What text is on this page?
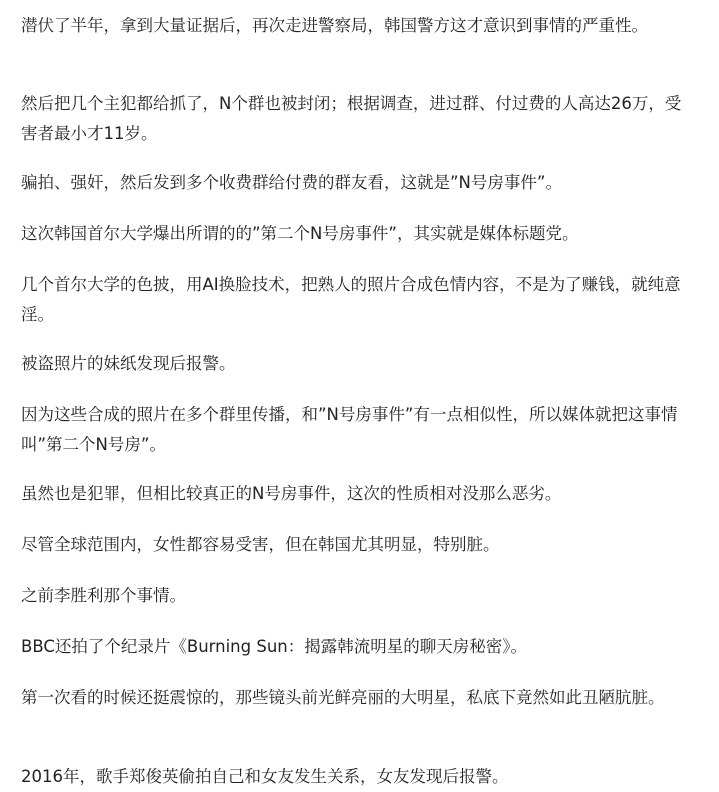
潜伏了半年，拿到大量证据后，再次走进警察局，韩国警方这才意识到事情的严重性。

然后把几个主犯都给抓了，N个群也被封闭；根据调查，进过群、付过费的人高达26万，受害者最小才11岁。

骗拍、强奸，然后发到多个收费群给付费的群友看，这就是”N号房事件”。

这次韩国首尔大学爆出所谓的的”第二个N号房事件”，其实就是媒体标题党。

几个首尔大学的色披，用AI换脸技术，把熟人的照片合成色情内容，不是为了赚钱，就纯意淫。

被盗照片的妹纸发现后报警。

因为这些合成的照片在多个群里传播，和”N号房事件”有一点相似性，所以媒体就把这事情叫”第二个N号房”。

虽然也是犯罪，但相比较真正的N号房事件，这次的性质相对没那么恶劣。

尽管全球范围内，女性都容易受害，但在韩国尤其明显，特别脏。

之前李胜利那个事情。

BBC还拍了个纪录片《Burning Sun：揭露韩流明星的聊天房秘密》。

第一次看的时候还挺震惊的，那些镜头前光鲜亮丽的大明星，私底下竟然如此丑陋肮脏。

2016年，歌手郑俊英偷拍自己和女友发生关系，女友发现后报警。
